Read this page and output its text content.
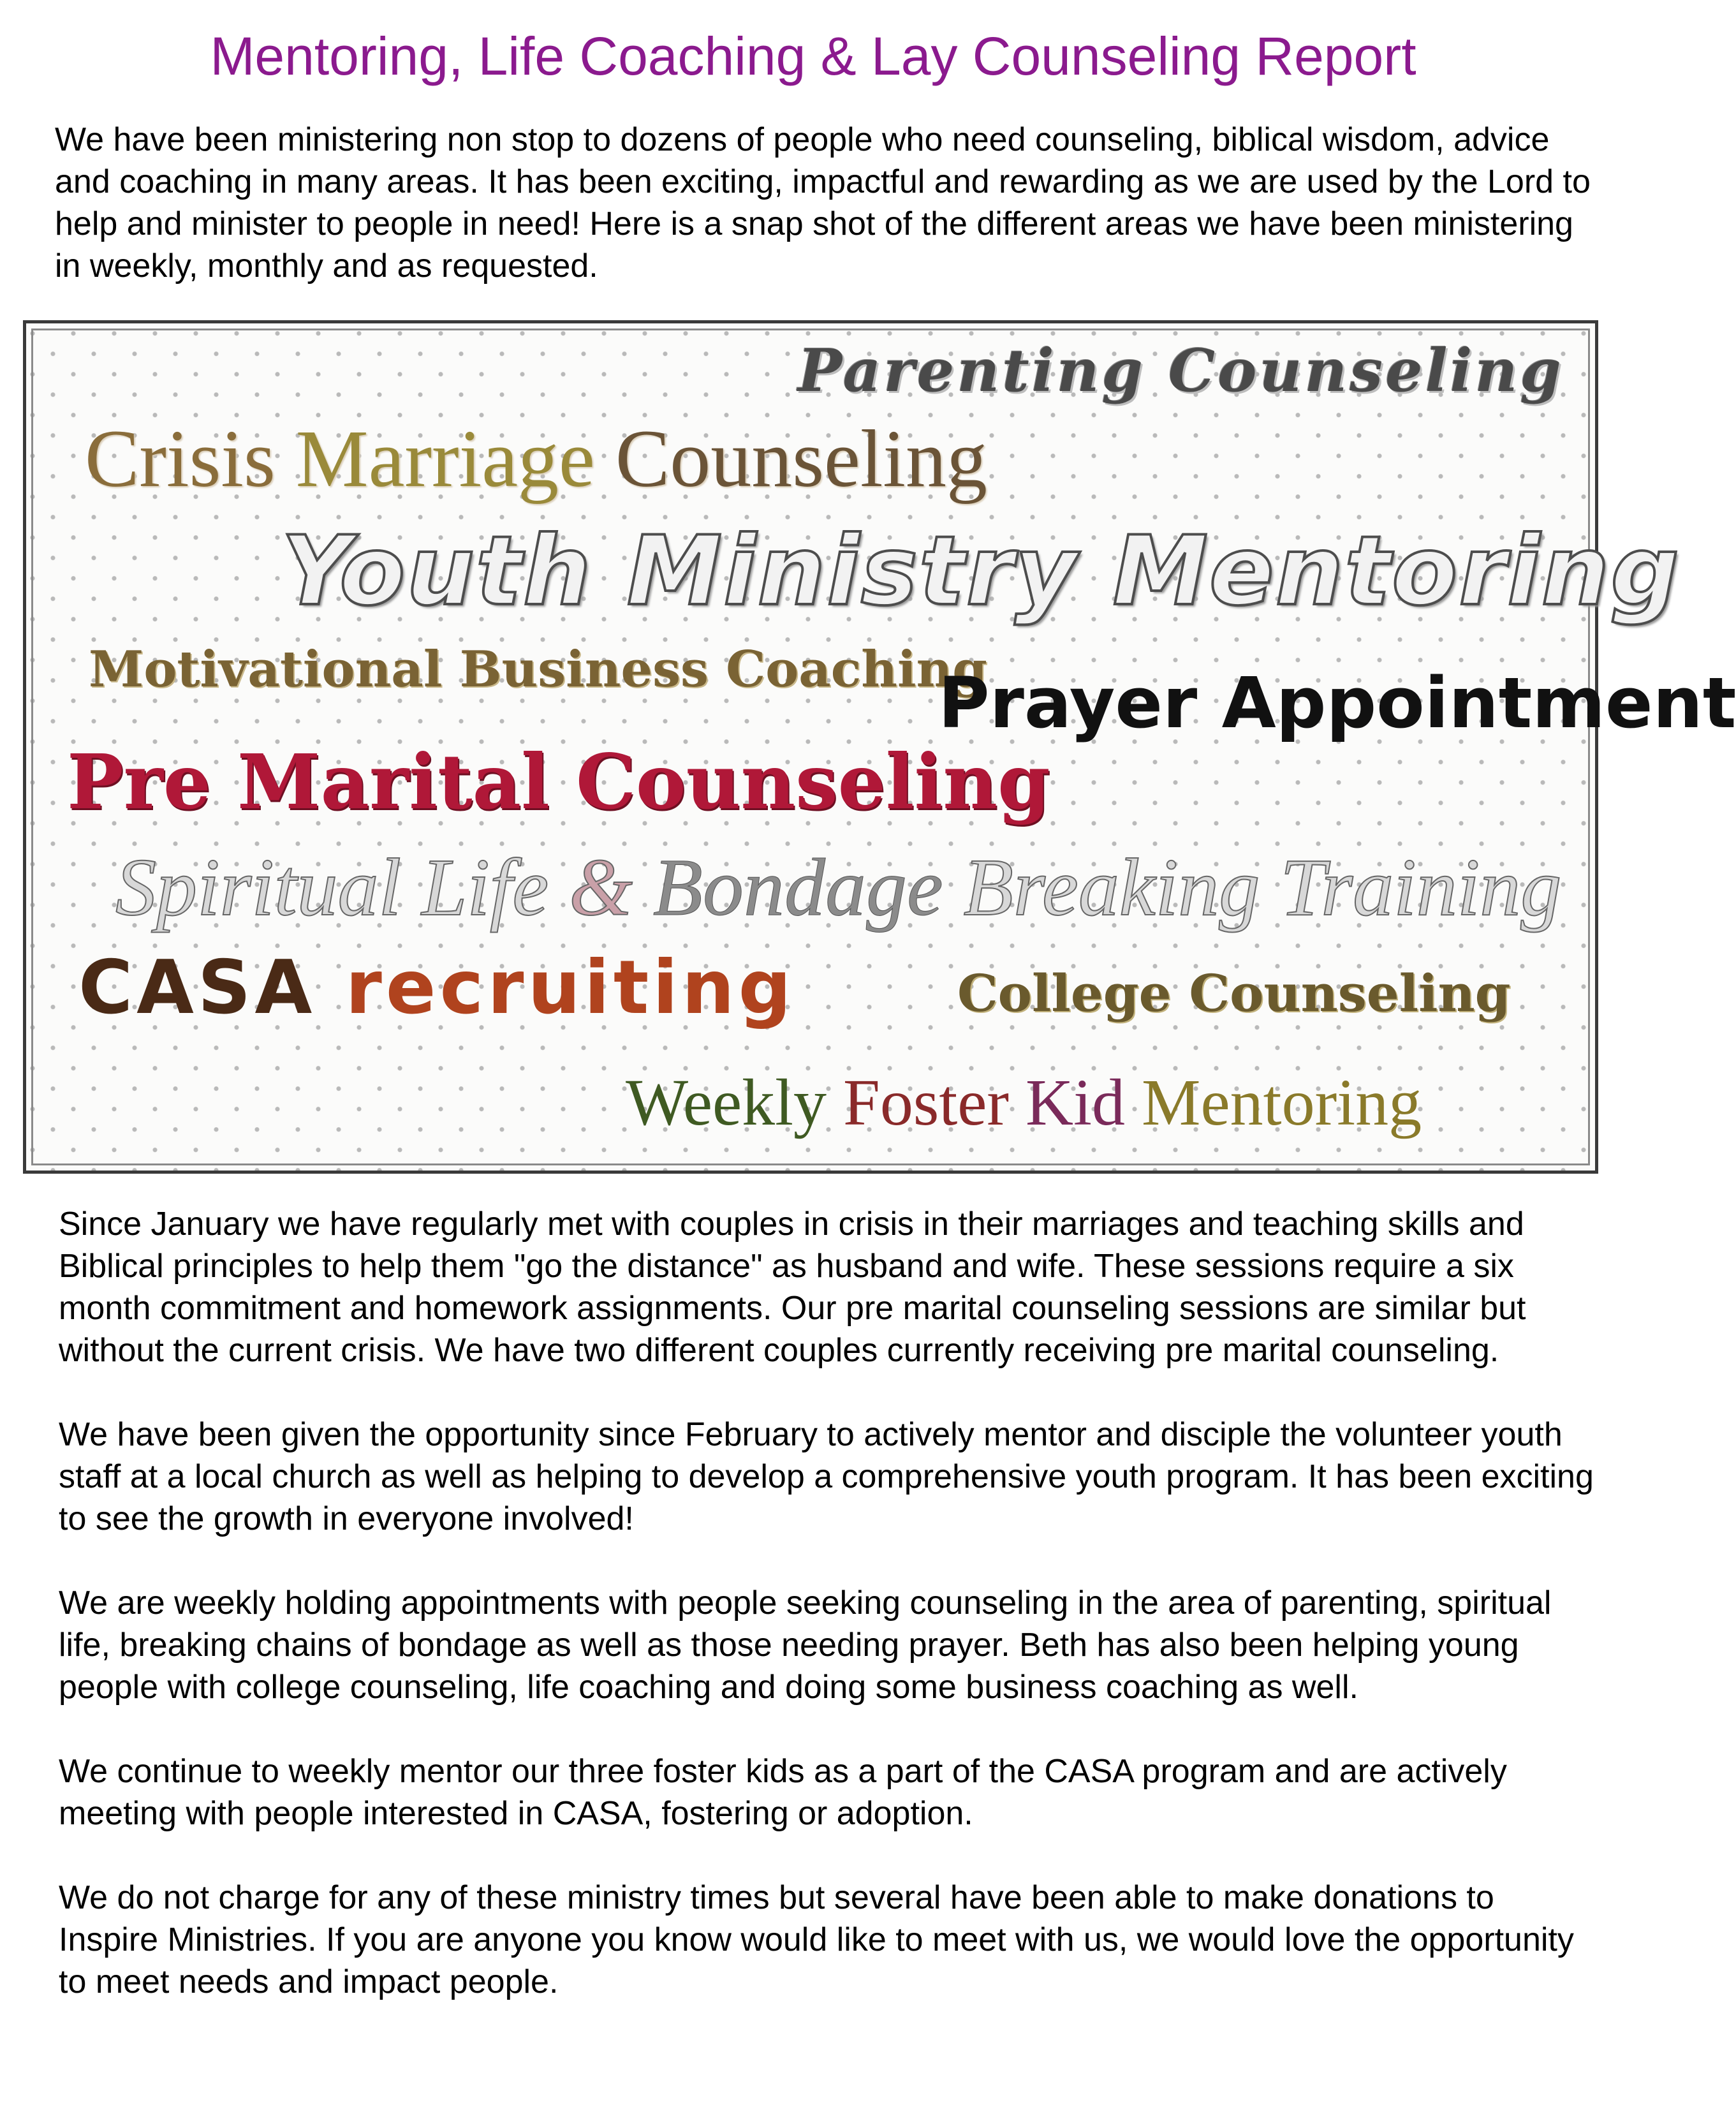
Mentoring, Life Coaching & Lay Counseling Report

We have been ministering non stop to dozens of people who need counseling, biblical wisdom, advice and coaching in many areas. It has been exciting, impactful and rewarding as we are used by the Lord to help and minister to people in need! Here is a snap shot of the different areas we have been ministering in weekly, monthly and as requested.

Parenting Counseling
Crisis Marriage Counseling
Youth Ministry Mentoring
Motivational Business Coaching
Prayer Appointment
Pre Marital Counseling
Spiritual Life & Bondage Breaking Training
CASA recruiting	College Counseling
Weekly Foster Kid Mentoring

Since January we have regularly met with couples in crisis in their marriages and teaching skills and Biblical principles to help them "go the distance" as husband and wife. These sessions require a six month commitment and homework assignments. Our pre marital counseling sessions are similar but without the current crisis. We have two different couples currently receiving pre marital counseling.

We have been given the opportunity since February to actively mentor and disciple the volunteer youth staff at a local church as well as helping to develop a comprehensive youth program. It has been exciting to see the growth in everyone involved!

We are weekly holding appointments with people seeking counseling in the area of parenting, spiritual life, breaking chains of bondage as well as those needing prayer. Beth has also been helping young people with college counseling, life coaching and doing some business coaching as well.

We continue to weekly mentor our three foster kids as a part of the CASA program and are actively meeting with people interested in CASA, fostering or adoption.

We do not charge for any of these ministry times but several have been able to make donations to Inspire Ministries. If you are anyone you know would like to meet with us, we would love the opportunity to meet needs and impact people.
